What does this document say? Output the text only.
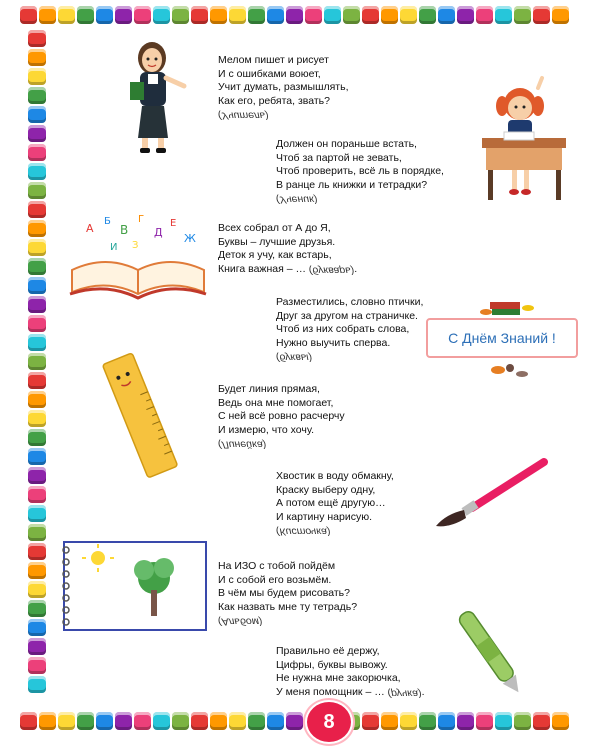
А
Б
В
Г
Д
Е
Ж
З
И
С Днём Знаний !
Мелом пишет и рисует
И с ошибками воюет,
Учит думать, размышлять,
Как его, ребята, звать?
(Учитель)
Должен он пораньше встать,
Чтоб за партой не зевать,
Чтоб проверить, всё ль в порядке,
В ранце ль книжки и тетрадки?
(Ученик)
Всех собрал от А до Я,
Буквы – лучшие друзья.
Деток я учу, как встарь,
Книга важная – … (букварь).
Разместились, словно птички,
Друг за другом на страничке.
Чтоб из них собрать слова,
Нужно выучить сперва.
(буквы)
Будет линия прямая,
Ведь она мне помогает,
С ней всё ровно расчерчу
И измерю, что хочу.
(Линейка)
Хвостик в воду обмакну,
Краску выберу одну,
А потом ещё другую…
И картину нарисую.
(Кисточка)
На ИЗО с тобой пойдём
И с собой его возьмём.
В чём мы будем рисовать?
Как назвать мне ту тетрадь?
(Альбом)
Правильно её держу,
Цифры, буквы вывожу.
Не нужна мне закорючка,
У меня помощник – … (ручка).
8
